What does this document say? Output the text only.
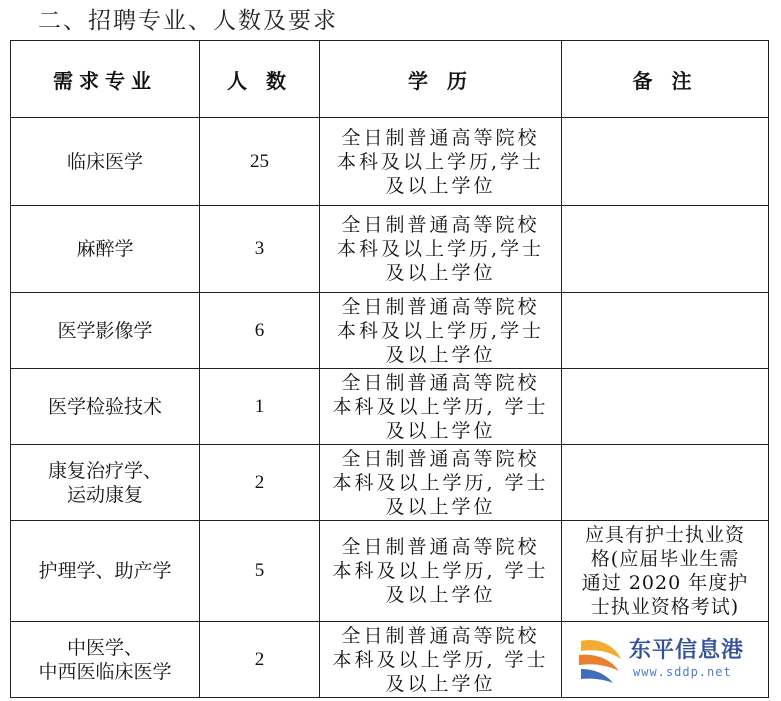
二、招聘专业、人数及要求
需求专业	人 数	学 历	备 注

临床医学	25	全日制普通高等院校
本科及以上学历,学士
及以上学位	

麻醉学	3	全日制普通高等院校
本科及以上学历,学士
及以上学位	

医学影像学	6	全日制普通高等院校
本科及以上学历,学士
及以上学位	

医学检验技术	1	全日制普通高等院校
本科及以上学历, 学士
及以上学位	

康复治疗学、
运动康复	2	全日制普通高等院校
本科及以上学历, 学士
及以上学位	

护理学、助产学	5	全日制普通高等院校
本科及以上学历, 学士
及以上学位	应具有护士执业资
格(应届毕业生需
通过 2020 年度护
士执业资格考试)

中医学、
中西医临床医学	2	全日制普通高等院校
本科及以上学历, 学士
及以上学位	

东平信息港
www.sddp.net
